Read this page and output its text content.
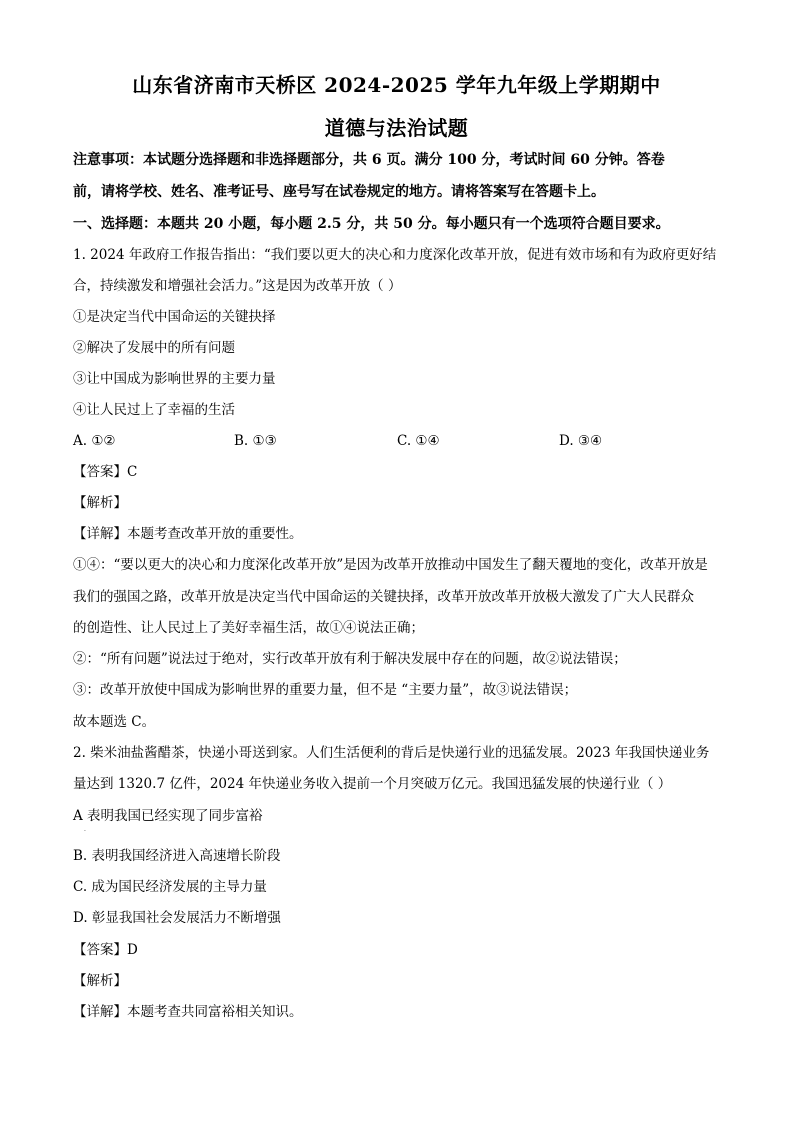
山东省济南市天桥区 2024-2025 学年九年级上学期期中
道德与法治试题
注意事项：本试题分选择题和非选择题部分，共 6 页。满分 100 分，考试时间 60 分钟。答卷
前，请将学校、姓名、准考证号、座号写在试卷规定的地方。请将答案写在答题卡上。
一、选择题：本题共 20 小题，每小题 2.5 分，共 50 分。每小题只有一个选项符合题目要求。
1. 2024 年政府工作报告指出：“我们要以更大的决心和力度深化改革开放，促进有效市场和有为政府更好结
合，持续激发和增强社会活力。”这是因为改革开放（ ）
①是决定当代中国命运的关键抉择
②解决了发展中的所有问题
③让中国成为影响世界的主要力量
④让人民过上了幸福的生活
A. ①②	B. ①③	C. ①④	D. ③④
【答案】C
【解析】
【详解】本题考查改革开放的重要性。
①④：“要以更大的决心和力度深化改革开放”是因为改革开放推动中国发生了翻天覆地的变化，改革开放是
我们的强国之路，改革开放是决定当代中国命运的关键抉择，改革开放改革开放极大激发了广大人民群众
的创造性、让人民过上了美好幸福生活，故①④说法正确；
②：“所有问题”说法过于绝对，实行改革开放有利于解决发展中存在的问题，故②说法错误；
③：改革开放使中国成为影响世界的重要力量，但不是 “主要力量”，故③说法错误；
故本题选 C。
2. 柴米油盐酱醋茶，快递小哥送到家。人们生活便利的背后是快递行业的迅猛发展。2023 年我国快递业务
量达到 1320.7 亿件，2024 年快递业务收入提前一个月突破万亿元。我国迅猛发展的快递行业（ ）
A 表明我国已经实现了同步富裕
.
B. 表明我国经济进入高速增长阶段
C. 成为国民经济发展的主导力量
D. 彰显我国社会发展活力不断增强
【答案】D
【解析】
【详解】本题考查共同富裕相关知识。
